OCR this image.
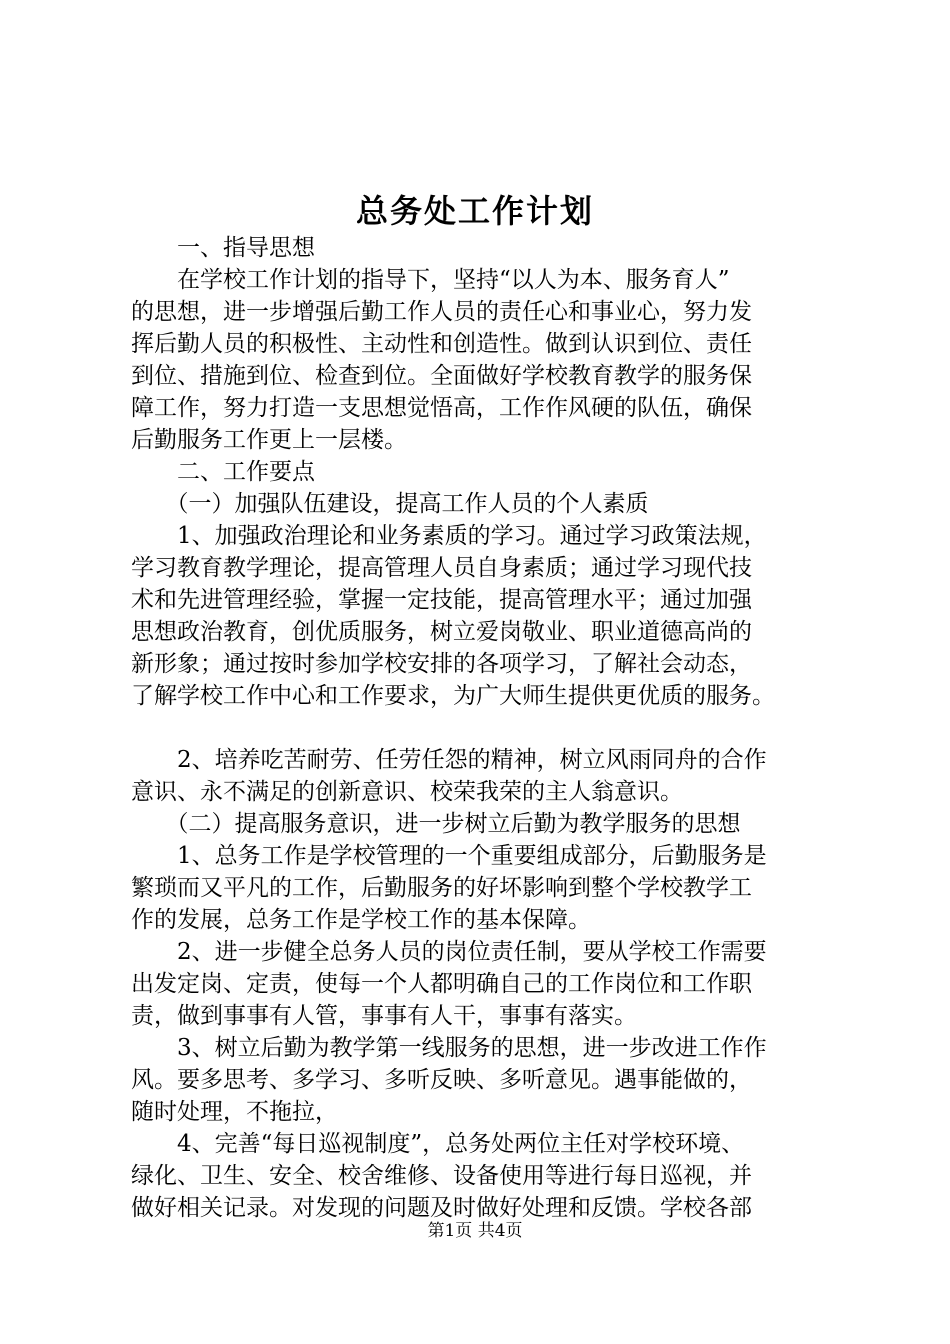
总务处工作计划
　　一、指导思想
　　在学校工作计划的指导下，坚持“以人为本、服务育人”
的思想，进一步增强后勤工作人员的责任心和事业心，努力发
挥后勤人员的积极性、主动性和创造性。做到认识到位、责任
到位、措施到位、检查到位。全面做好学校教育教学的服务保
障工作，努力打造一支思想觉悟高，工作作风硬的队伍，确保
后勤服务工作更上一层楼。
　　二、工作要点
　　（一）加强队伍建设，提高工作人员的个人素质
　　1、加强政治理论和业务素质的学习。通过学习政策法规，
学习教育教学理论，提高管理人员自身素质；通过学习现代技
术和先进管理经验，掌握一定技能，提高管理水平；通过加强
思想政治教育，创优质服务，树立爱岗敬业、职业道德高尚的
新形象；通过按时参加学校安排的各项学习，了解社会动态，
了解学校工作中心和工作要求，为广大师生提供更优质的服务。
　　2、培养吃苦耐劳、任劳任怨的精神，树立风雨同舟的合作
意识、永不满足的创新意识、校荣我荣的主人翁意识。
　　（二）提高服务意识，进一步树立后勤为教学服务的思想
　　1、总务工作是学校管理的一个重要组成部分，后勤服务是
繁琐而又平凡的工作，后勤服务的好坏影响到整个学校教学工
作的发展，总务工作是学校工作的基本保障。
　　2、进一步健全总务人员的岗位责任制，要从学校工作需要
出发定岗、定责，使每一个人都明确自己的工作岗位和工作职
责，做到事事有人管，事事有人干，事事有落实。
　　3、树立后勤为教学第一线服务的思想，进一步改进工作作
风。要多思考、多学习、多听反映、多听意见。遇事能做的，
随时处理，不拖拉，
　　4、完善“每日巡视制度”，总务处两位主任对学校环境、
绿化、卫生、安全、校舍维修、设备使用等进行每日巡视，并
做好相关记录。对发现的问题及时做好处理和反馈。学校各部
第1页 共4页
